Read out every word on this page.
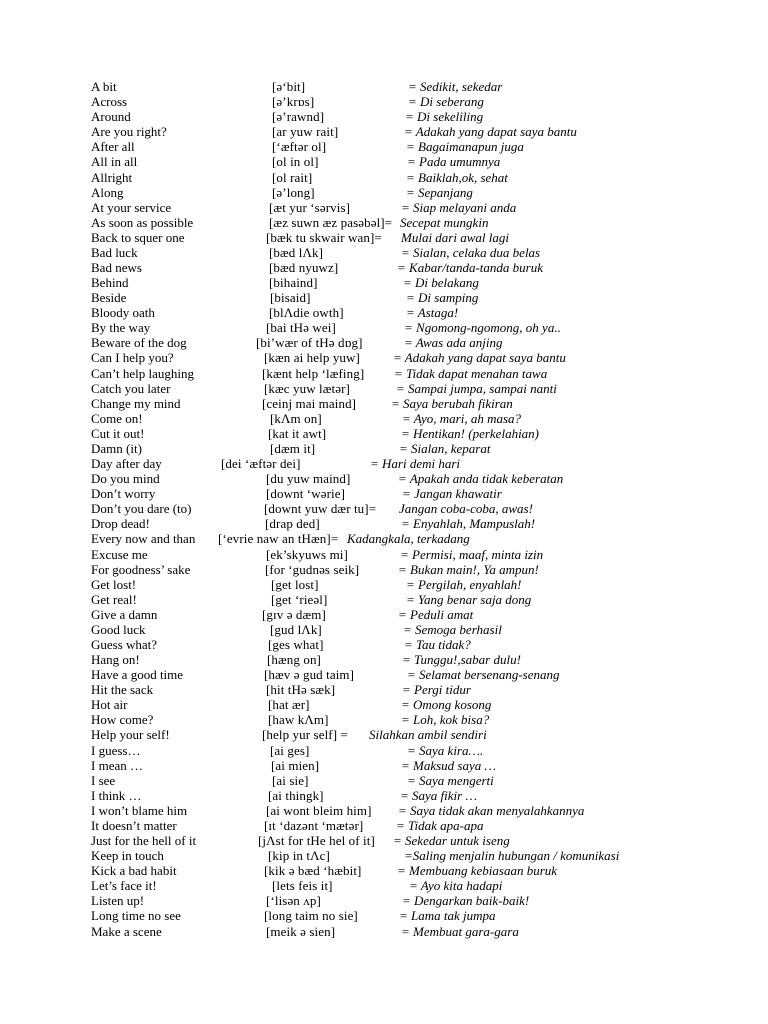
A bit	[ə‘bit]	= Sedikit, sekedar
Across	[ə’krɒs]	= Di seberang
Around	[ə’rawnd]	= Di sekeliling
Are you right?	[ar yuw rait]	= Adakah yang dapat saya bantu
After all	[‘æftər ol]	= Bagaimanapun juga
All in all	[ol in ol]	= Pada umumnya
Allright	[ol rait]	= Baiklah,ok, sehat
Along	[ə’long]	= Sepanjang
At your service	[æt yur ‘sərvis]	= Siap melayani anda
As soon as possible	[æz suwn æz pasəbəl]= Secepat mungkin
Back to squer one	[bæk tu skwair wan]= Mulai dari awal lagi
Bad luck	[bæd lΛk]	= Sialan, celaka dua belas
Bad news	[bæd nyuwz]	= Kabar/tanda-tanda buruk
Behind	[bihaind]	= Di belakang
Beside	[bisaid]	= Di samping
Bloody oath	[blΛdie owth]	= Astaga!
By the way	[bai tHə wei]	= Ngomong-ngomong, oh ya..
Beware of the dog	[bi’wær of tHə dɒg]	= Awas ada anjing
Can I help you?	[kæn ai help yuw]	= Adakah yang dapat saya bantu
Can’t help laughing	[kænt help ‘læfing] = Tidak dapat menahan tawa
Catch you later	[kæc yuw lætər]	= Sampai jumpa, sampai nanti
Change my mind	[ceinj mai maind]	= Saya berubah fikiran
Come on!	[kΛm on]	= Ayo, mari, ah masa?
Cut it out!	[kat it awt]	= Hentikan! (perkelahian)
Damn (it)	[dæm it]	= Sialan, keparat
Day after day	[dei ‘æftər dei]	= Hari demi hari
Do you mind	[du yuw maind]	= Apakah anda tidak keberatan
Don’t worry	[downt ‘wərie]	= Jangan khawatir
Don’t you dare (to)	[downt yuw dær tu]= Jangan coba-coba, awas!
Drop dead!	[drap ded]	= Enyahlah, Mampuslah!
Every now and than [‘evrie naw an tHæn]= Kadangkala, terkadang
Excuse me	[ek’skyuws mi]	= Permisi, maaf, minta izin
For goodness’ sake	[for ‘gudnəs seik]	= Bukan main!, Ya ampun!
Get lost!	[get lost]	= Pergilah, enyahlah!
Get real!	[get ‘rieəl]	= Yang benar saja dong
Give a damn	[gɪv ə dæm]	= Peduli amat
Good luck	[gud lΛk]	= Semoga berhasil
Guess what?	[ges what]	= Tau tidak?
Hang on!	[hæng on]	= Tunggu!,sabar dulu!
Have a good time	[hæv ə gud taim]	= Selamat bersenang-senang
Hit the sack	[hit tHə sæk]	= Pergi tidur
Hot air	[hat ær]	= Omong kosong
How come?	[haw kΛm]	= Loh, kok bisa?
Help your self!	[help yur self] = Silahkan ambil sendiri
I guess…	[ai ges]	= Saya kira….
I mean …	[ai mien]	= Maksud saya …
I see	[ai sie]	= Saya mengerti
I think …	[ai thingk]	= Saya fikir …
I won’t blame him	[ai wont bleim him] = Saya tidak akan menyalahkannya
It doesn’t matter	[ɪt ‘dazənt ‘mætər]	= Tidak apa-apa
Just for the hell of it	[jΛst for tHe hel of it] = Sekedar untuk iseng
Keep in touch	[kip in tΛc]	=Saling menjalin hubungan / komunikasi
Kick a bad habit	[kik ə bæd ‘hæbit]	= Membuang kebiasaan buruk
Let’s face it!	[lets feis it]	= Ayo kita hadapi
Listen up!	[‘lisən ʌp]	= Dengarkan baik-baik!
Long time no see	[long taim no sie]	= Lama tak jumpa
Make a scene	[meik ə sien]	= Membuat gara-gara
